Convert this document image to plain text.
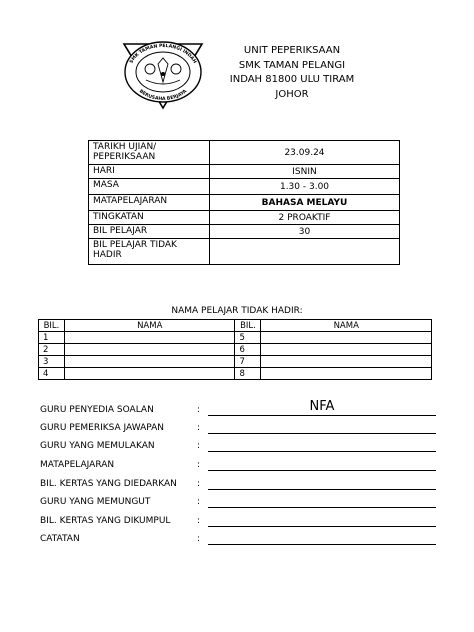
SMK TAMAN PELANGI INDAH
BERUSAHA BERJAYA
UNIT PEPERIKSAAN
SMK TAMAN PELANGI
INDAH 81800 ULU TIRAM
JOHOR
TARIKH UJIAN/ PEPERIKSAAN	23.09.24
HARI	ISNIN
MASA	1.30 - 3.00
MATAPELAJARAN	BAHASA MELAYU
TINGKATAN	2 PROAKTIF
BIL PELAJAR	30
BIL PELAJAR TIDAK HADIR	
NAMA PELAJAR TIDAK HADIR:
BIL.	NAMA	BIL.	NAMA
1		5	
2		6	
3		7	
4		8	
GURU PENYEDIA SOALAN	:	NFA
GURU PEMERIKSA JAWAPAN	:
GURU YANG MEMULAKAN	:
MATAPELAJARAN	:
BIL. KERTAS YANG DIEDARKAN :
GURU YANG MEMUNGUT	:
BIL. KERTAS YANG DIKUMPUL	:
CATATAN	:
